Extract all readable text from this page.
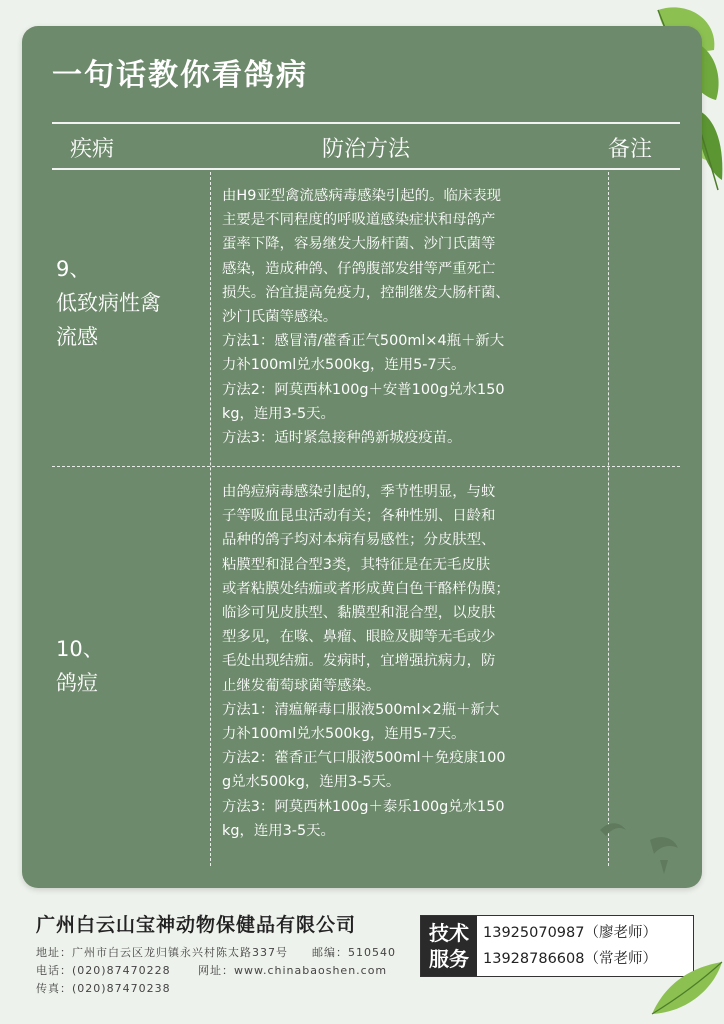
一句话教你看鸽病
疾病	防治方法	备注
9、
低致病性禽
流感

由H9亚型禽流感病毒感染引起的。临床表现

主要是不同程度的呼吸道感染症状和母鸽产

蛋率下降，容易继发大肠杆菌、沙门氏菌等

感染，造成种鸽、仔鸽腹部发绀等严重死亡

损失。治宜提高免疫力，控制继发大肠杆菌、

沙门氏菌等感染。

方法1：感冒清/藿香正气500ml×4瓶＋新大

力补100ml兑水500kg，连用5-7天。

方法2：阿莫西林100g＋安普100g兑水150

kg，连用3-5天。

方法3：适时紧急接种鸽新城疫疫苗。

10、
鸽痘

由鸽痘病毒感染引起的，季节性明显，与蚊

子等吸血昆虫活动有关；各种性别、日龄和

品种的鸽子均对本病有易感性；分皮肤型、

粘膜型和混合型3类，其特征是在无毛皮肤

或者粘膜处结痂或者形成黄白色干酪样伪膜；

临诊可见皮肤型、黏膜型和混合型，以皮肤

型多见，在喙、鼻瘤、眼睑及脚等无毛或少

毛处出现结痂。发病时，宜增强抗病力，防

止继发葡萄球菌等感染。

方法1：清瘟解毒口服液500ml×2瓶＋新大

力补100ml兑水500kg，连用5-7天。

方法2：藿香正气口服液500ml＋免疫康100

g兑水500kg，连用3-5天。

方法3：阿莫西林100g＋泰乐100g兑水150

kg，连用3-5天。

广州白云山宝神动物保健品有限公司
地址：广州市白云区龙归镇永兴村陈太路337号 邮编：510540
电话：(020)87470228 网址：www.chinabaoshen.com
传真：(020)87470238
技术
服务
13925070987（廖老师）
13928786608（常老师）
